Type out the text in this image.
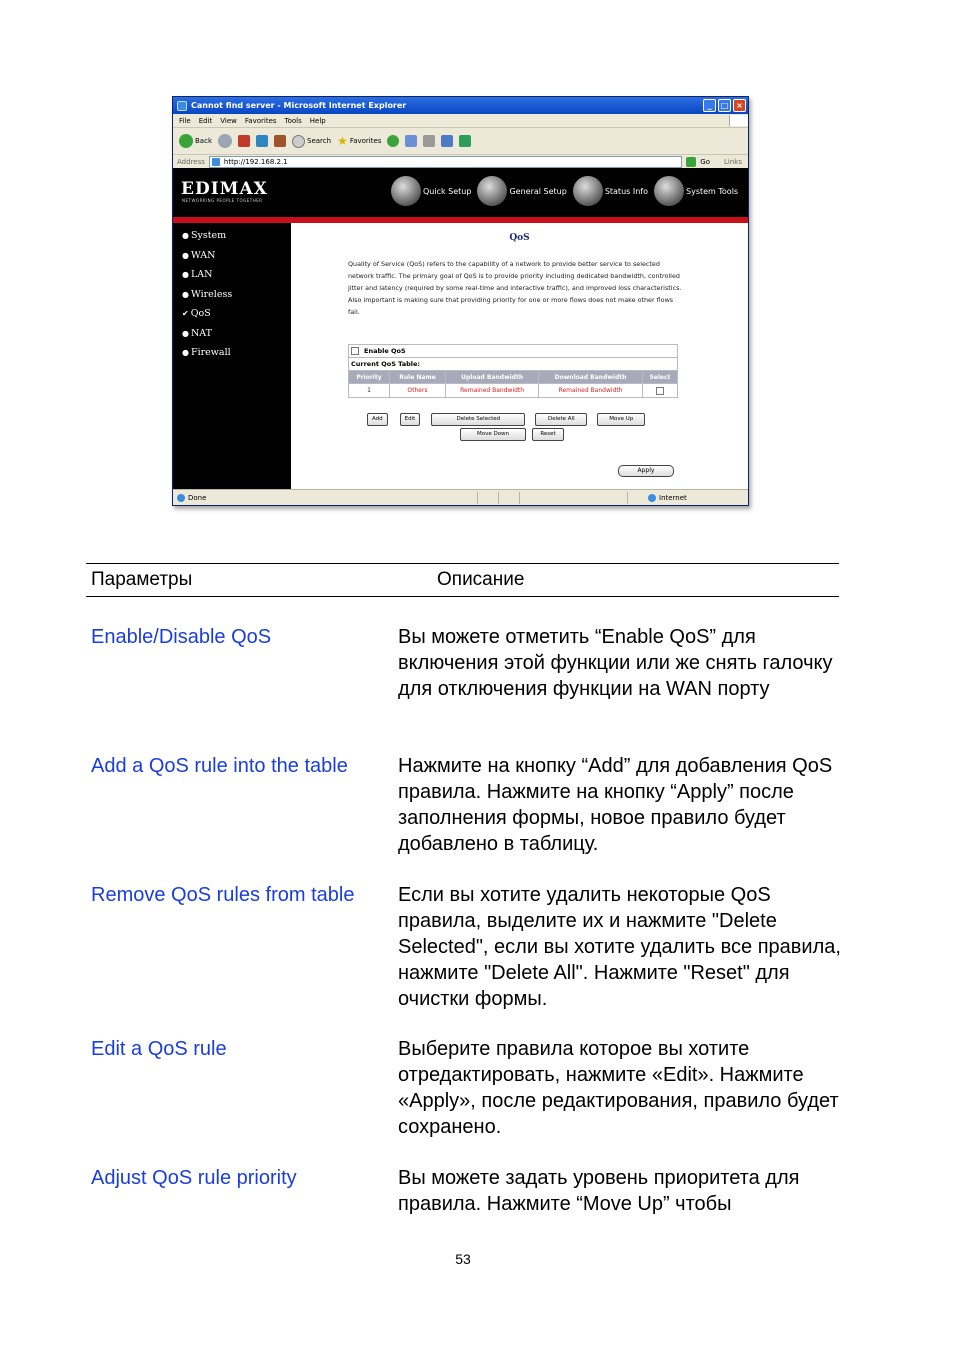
Cannot find server - Microsoft Internet Explorer	_	□ ×
File Edit View Favorites Tools Help
Back	Search ★ Favorites
Address	http://192.168.2.1	Go Links
EDIMAX
NETWORKING PEOPLE TOGETHER
Quick Setup	General Setup	Status Info	System Tools
● System
● WAN
● LAN
● Wireless
✔ QoS
● NAT
● Firewall
QoS
Quality of Service (QoS) refers to the capability of a network to provide better service to selected network traffic. The primary goal of QoS is to provide priority including dedicated bandwidth, controlled jitter and latency (required by some real-time and interactive traffic), and improved loss characteristics. Also important is making sure that providing priority for one or more flows does not make other flows fail.
Enable QoS				
Current QoS Table:				
Priority	Rule Name	Upload Bandwidth	Download Bandwidth	Select
1	Others	Remained Bandwidth	Remained Bandwidth	
Add	Edit	Delete Selected	Delete All	Move Up
Move Down	Reset
Apply
Done	Internet
Параметры	Описание
Enable/Disable QoS	Вы можете отметить “Enable QoS” для включения этой функции или же снять галочку для отключения функции на WAN порту
Add a QoS rule into the table	Нажмите на кнопку “Add” для добавления QoS правила. Нажмите на кнопку “Apply” после заполнения формы, новое правило будет добавлено в таблицу.
Remove QoS rules from table	Если вы хотите удалить некоторые QoS правила, выделите их и нажмите "Delete Selected", если вы хотите удалить все правила, нажмите "Delete All". Нажмите "Reset" для очистки формы.
Edit a QoS rule	Выберите правила которое вы хотите отредактировать, нажмите «Edit». Нажмите «Apply», после редактирования, правило будет сохранено.
Adjust QoS rule priority	Вы можете задать уровень приоритета для правила. Нажмите “Move Up” чтобы
53
